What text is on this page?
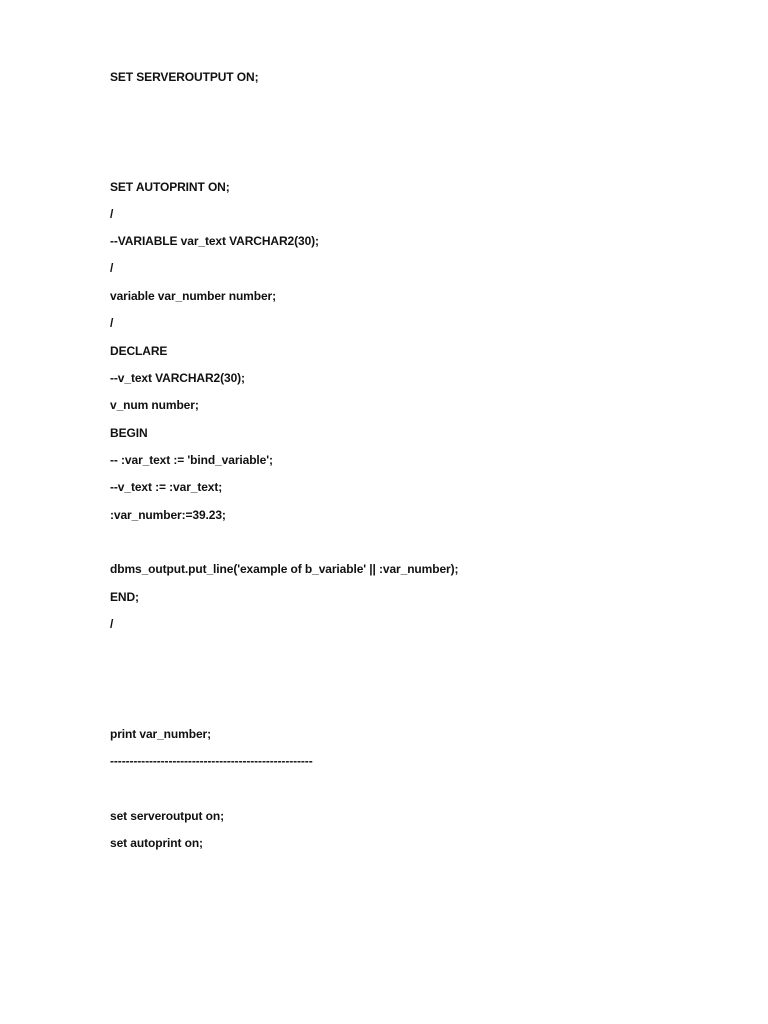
SET SERVEROUTPUT ON;
SET AUTOPRINT ON;
/
--VARIABLE var_text VARCHAR2(30);
/
variable var_number number;
/
DECLARE
--v_text VARCHAR2(30);
v_num number;
BEGIN
-- :var_text := 'bind_variable';
--v_text := :var_text;
:var_number:=39.23;
dbms_output.put_line('example of b_variable' || :var_number);
END;
/
print var_number;
----------------------------------------------------
set serveroutput on;
set autoprint on;
